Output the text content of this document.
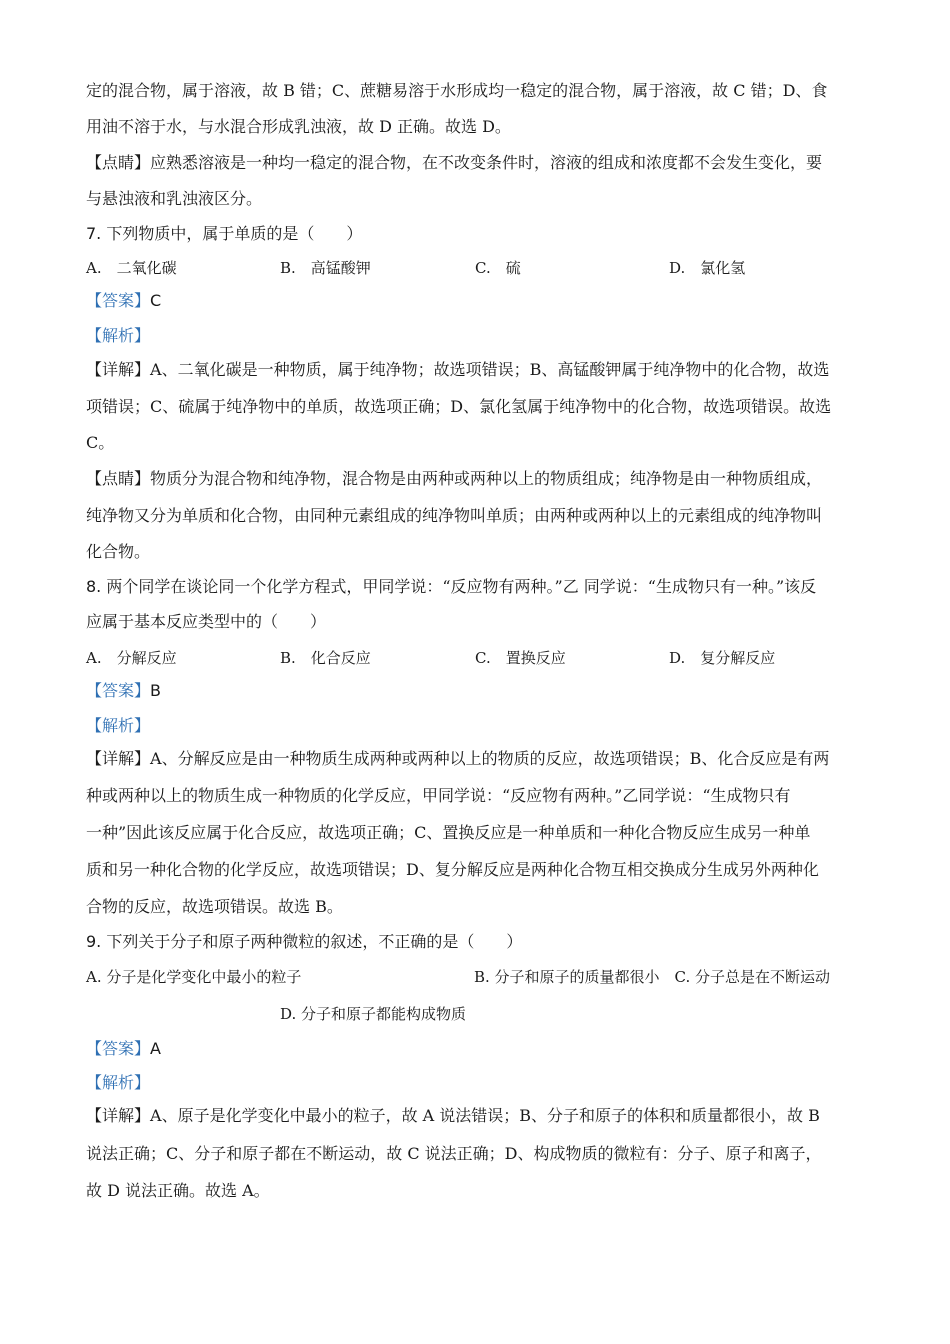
定的混合物，属于溶液，故 B 错；C、蔗糖易溶于水形成均一稳定的混合物，属于溶液，故 C 错；D、食
用油不溶于水，与水混合形成乳浊液，故 D 正确。故选 D。
【点睛】应熟悉溶液是一种均一稳定的混合物，在不改变条件时，溶液的组成和浓度都不会发生变化，要
与悬浊液和乳浊液区分。
7. 下列物质中，属于单质的是（　　）
A.　二氧化碳	B.　高锰酸钾	C.　硫	D.　氯化氢
【答案】C
【解析】
【详解】A、二氧化碳是一种物质，属于纯净物；故选项错误；B、高锰酸钾属于纯净物中的化合物，故选
项错误；C、硫属于纯净物中的单质，故选项正确；D、氯化氢属于纯净物中的化合物，故选项错误。故选
C。
【点睛】物质分为混合物和纯净物，混合物是由两种或两种以上的物质组成；纯净物是由一种物质组成，
纯净物又分为单质和化合物，由同种元素组成的纯净物叫单质；由两种或两种以上的元素组成的纯净物叫
化合物。
8. 两个同学在谈论同一个化学方程式，甲同学说：“反应物有两种。”乙 同学说：“生成物只有一种。”该反
应属于基本反应类型中的（　　）
A.　分解反应	B.　化合反应	C.　置换反应	D.　复分解反应
【答案】B
【解析】
【详解】A、分解反应是由一种物质生成两种或两种以上的物质的反应，故选项错误；B、化合反应是有两
种或两种以上的物质生成一种物质的化学反应，甲同学说：“反应物有两种。”乙同学说：“生成物只有
一种”因此该反应属于化合反应，故选项正确；C、置换反应是一种单质和一种化合物反应生成另一种单
质和另一种化合物的化学反应，故选项错误；D、复分解反应是两种化合物互相交换成分生成另外两种化
合物的反应，故选项错误。故选 B。
9. 下列关于分子和原子两种微粒的叙述，不正确的是（　　）
A. 分子是化学变化中最小的粒子	B. 分子和原子的质量都很小　C. 分子总是在不断运动
D. 分子和原子都能构成物质
【答案】A
【解析】
【详解】A、原子是化学变化中最小的粒子，故 A 说法错误；B、分子和原子的体积和质量都很小，故 B
说法正确；C、分子和原子都在不断运动，故 C 说法正确；D、构成物质的微粒有：分子、原子和离子，
故 D 说法正确。故选 A。
